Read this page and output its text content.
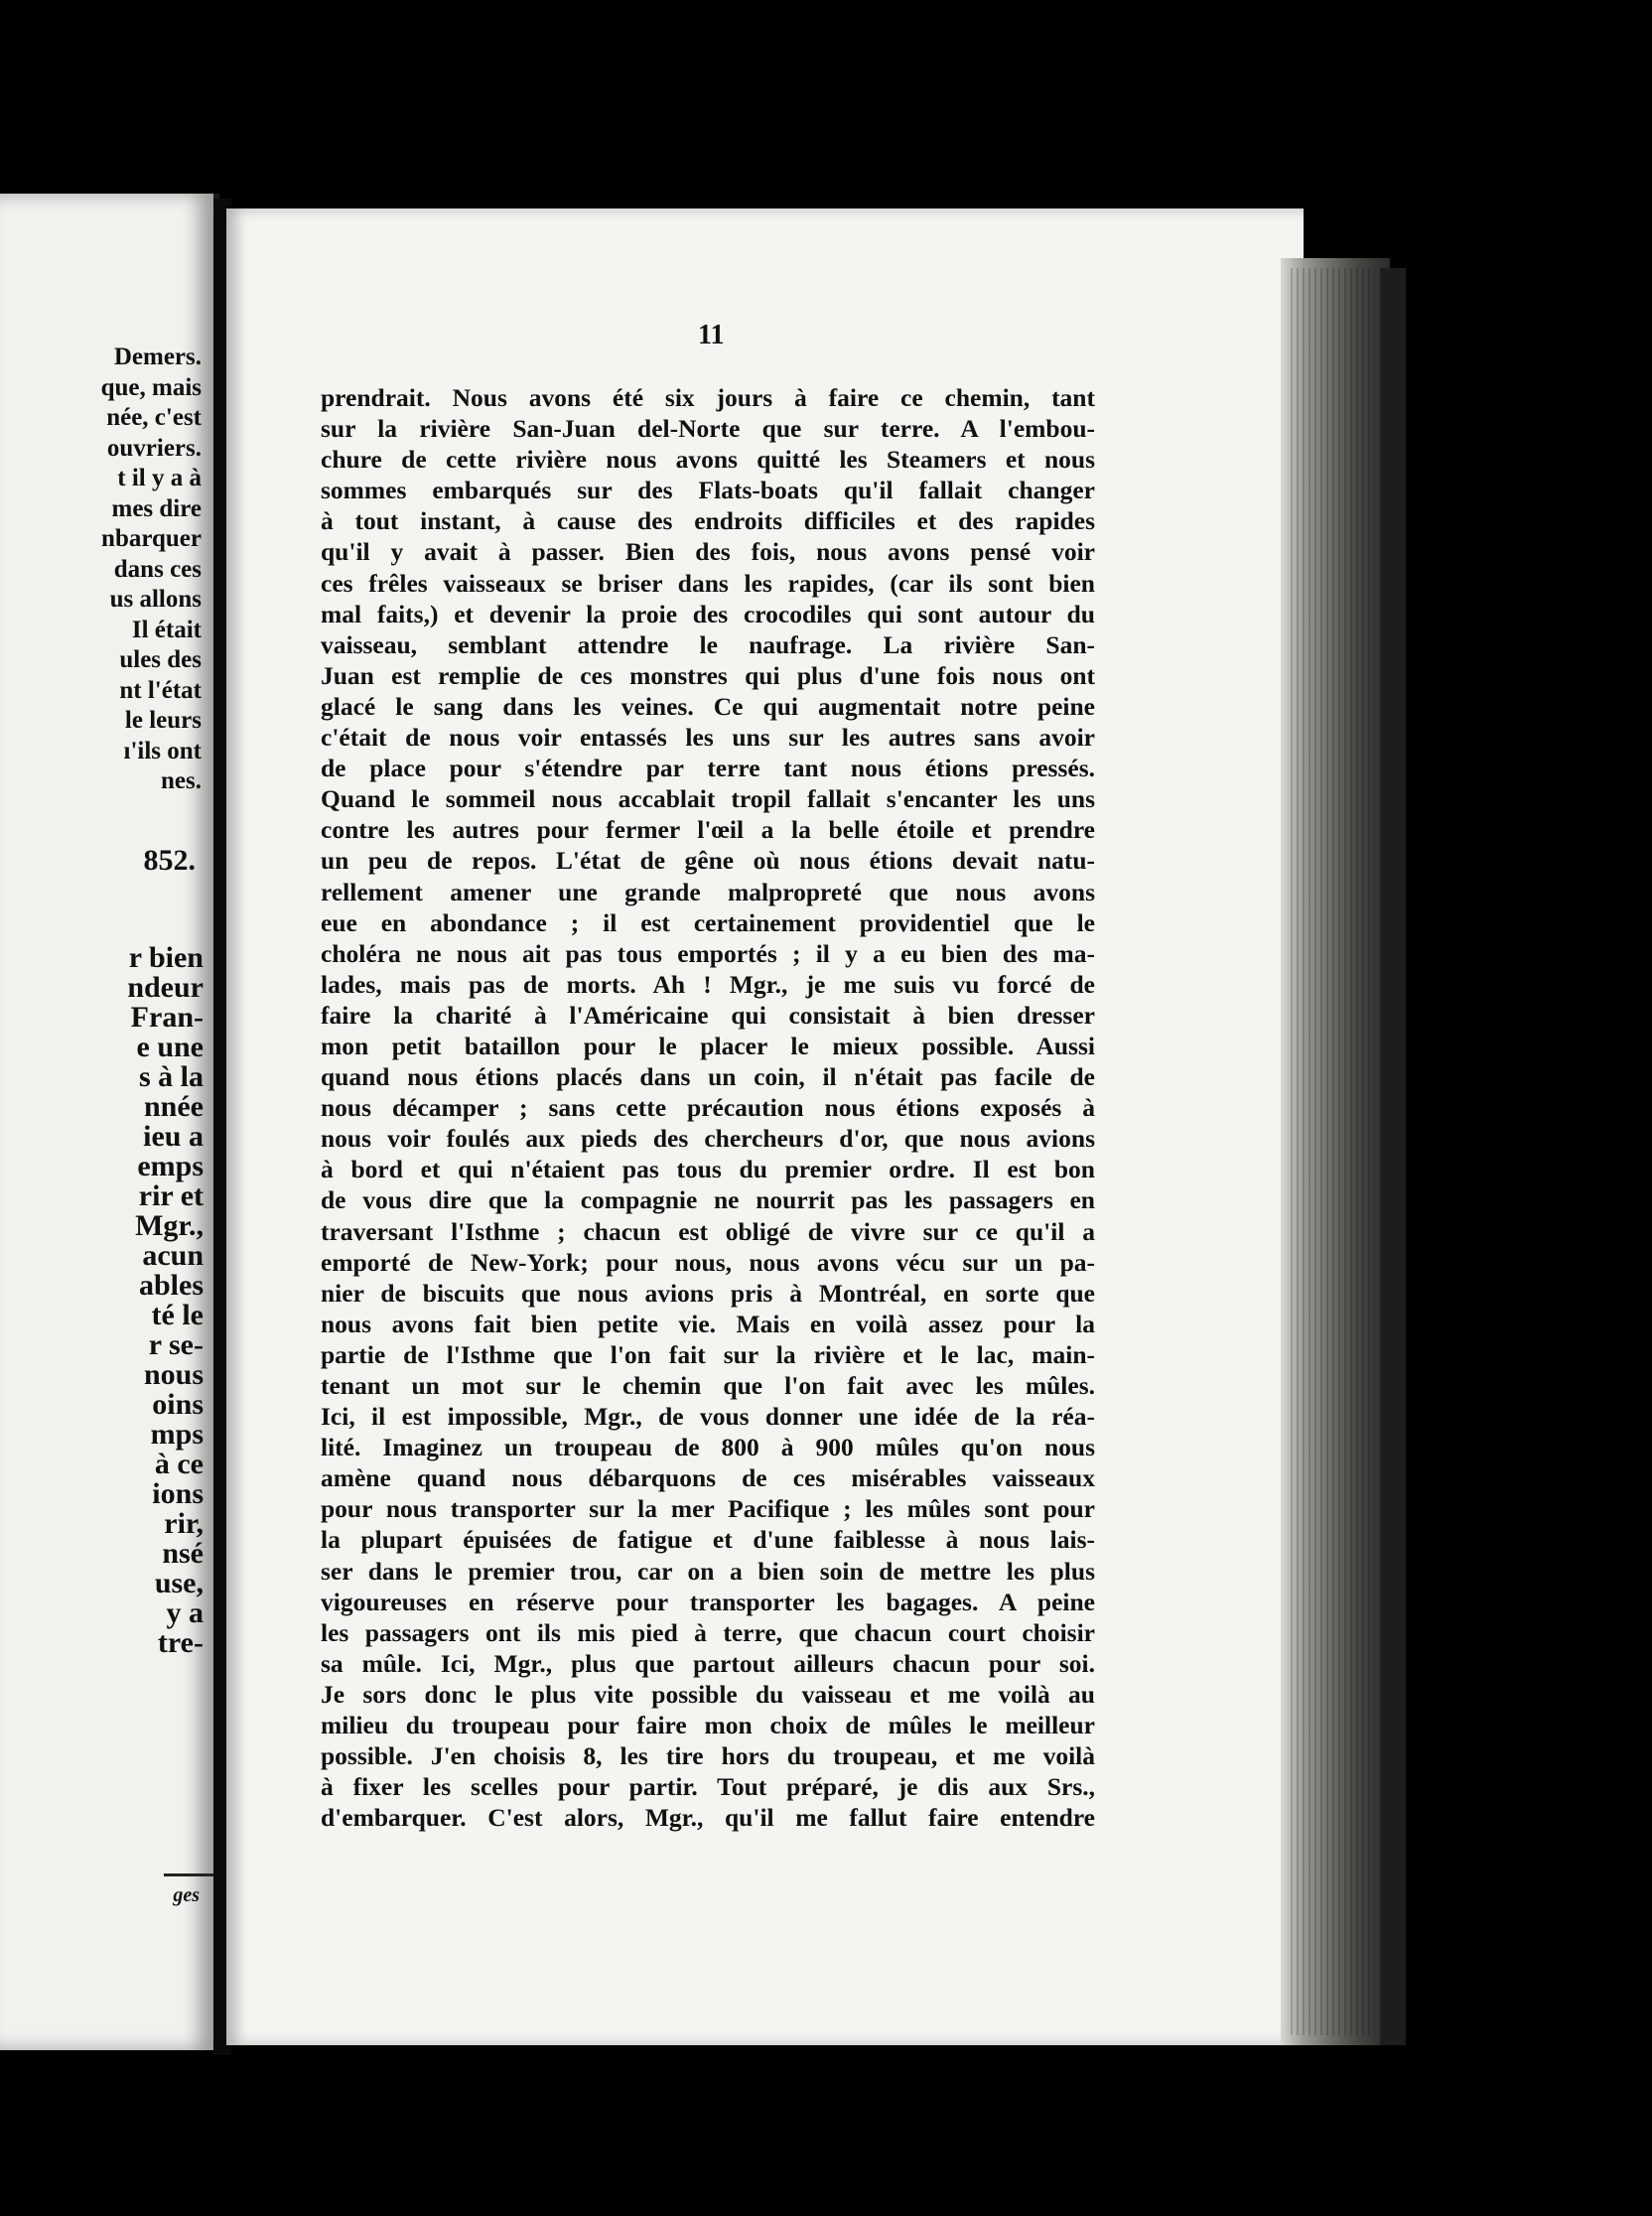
Demers.
que, mais
née, c'est
ouvriers.
t il y a à
mes dire
nbarquer
dans ces
us allons
Il était
ules des
nt l'état
le leurs
ı'ils ont
nes.
852.
r bien
ndeur
Fran-
e une
s à la
nnée
ieu a
emps
rir et
Mgr.,
acun
ables
té le
r se-
nous
oins
mps
à ce
ions
rir,
nsé
use,
y a
tre-
ges
11
prendrait. Nous avons été six jours à faire ce chemin, tant
sur la rivière San-Juan del-Norte que sur terre. A l'embou-
chure de cette rivière nous avons quitté les Steamers et nous
sommes embarqués sur des Flats-boats qu'il fallait changer
à tout instant, à cause des endroits difficiles et des rapides
qu'il y avait à passer. Bien des fois, nous avons pensé voir
ces frêles vaisseaux se briser dans les rapides, (car ils sont bien
mal faits,) et devenir la proie des crocodiles qui sont autour du
vaisseau, semblant attendre le naufrage. La rivière San-
Juan est remplie de ces monstres qui plus d'une fois nous ont
glacé le sang dans les veines. Ce qui augmentait notre peine
c'était de nous voir entassés les uns sur les autres sans avoir
de place pour s'étendre par terre tant nous étions pressés.
Quand le sommeil nous accablait tropil fallait s'encanter les uns
contre les autres pour fermer l'œil a la belle étoile et prendre
un peu de repos. L'état de gêne où nous étions devait natu-
rellement amener une grande malpropreté que nous avons
eue en abondance ; il est certainement providentiel que le
choléra ne nous ait pas tous emportés ; il y a eu bien des ma-
lades, mais pas de morts. Ah ! Mgr., je me suis vu forcé de
faire la charité à l'Américaine qui consistait à bien dresser
mon petit bataillon pour le placer le mieux possible. Aussi
quand nous étions placés dans un coin, il n'était pas facile de
nous décamper ; sans cette précaution nous étions exposés à
nous voir foulés aux pieds des chercheurs d'or, que nous avions
à bord et qui n'étaient pas tous du premier ordre. Il est bon
de vous dire que la compagnie ne nourrit pas les passagers en
traversant l'Isthme ; chacun est obligé de vivre sur ce qu'il a
emporté de New-York; pour nous, nous avons vécu sur un pa-
nier de biscuits que nous avions pris à Montréal, en sorte que
nous avons fait bien petite vie. Mais en voilà assez pour la
partie de l'Isthme que l'on fait sur la rivière et le lac, main-
tenant un mot sur le chemin que l'on fait avec les mûles.
Ici, il est impossible, Mgr., de vous donner une idée de la réa-
lité. Imaginez un troupeau de 800 à 900 mûles qu'on nous
amène quand nous débarquons de ces misérables vaisseaux
pour nous transporter sur la mer Pacifique ; les mûles sont pour
la plupart épuisées de fatigue et d'une faiblesse à nous lais-
ser dans le premier trou, car on a bien soin de mettre les plus
vigoureuses en réserve pour transporter les bagages. A peine
les passagers ont ils mis pied à terre, que chacun court choisir
sa mûle. Ici, Mgr., plus que partout ailleurs chacun pour soi.
Je sors donc le plus vite possible du vaisseau et me voilà au
milieu du troupeau pour faire mon choix de mûles le meilleur
possible. J'en choisis 8, les tire hors du troupeau, et me voilà
à fixer les scelles pour partir. Tout préparé, je dis aux Srs.,
d'embarquer. C'est alors, Mgr., qu'il me fallut faire entendre
